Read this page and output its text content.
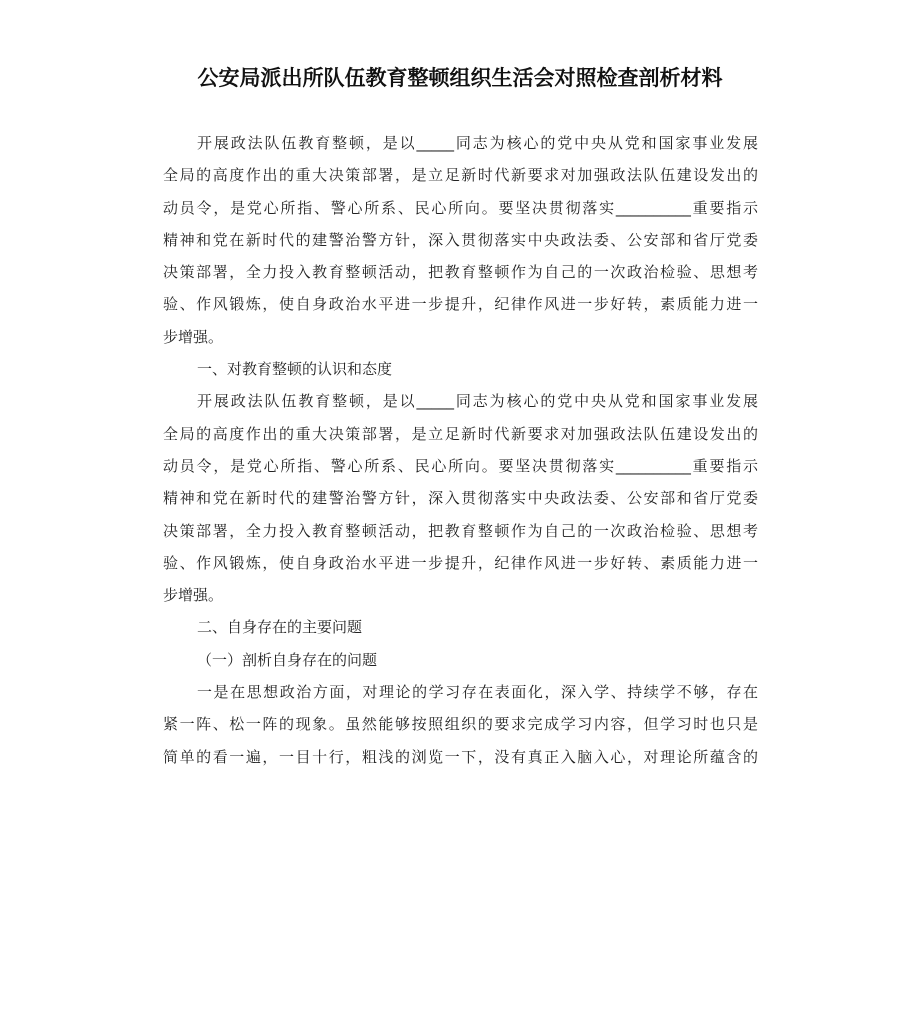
公安局派出所队伍教育整顿组织生活会对照检查剖析材料
开展政法队伍教育整顿，是以_____同志为核心的党中央从党和国家事业发展
全局的高度作出的重大决策部署，是立足新时代新要求对加强政法队伍建设发出的
动员令，是党心所指、警心所系、民心所向。要坚决贯彻落实__________重要指示
精神和党在新时代的建警治警方针，深入贯彻落实中央政法委、公安部和省厅党委
决策部署，全力投入教育整顿活动，把教育整顿作为自己的一次政治检验、思想考
验、作风锻炼，使自身政治水平进一步提升，纪律作风进一步好转，素质能力进一
步增强。
一、对教育整顿的认识和态度
开展政法队伍教育整顿，是以_____同志为核心的党中央从党和国家事业发展
全局的高度作出的重大决策部署，是立足新时代新要求对加强政法队伍建设发出的
动员令，是党心所指、警心所系、民心所向。要坚决贯彻落实__________重要指示
精神和党在新时代的建警治警方针，深入贯彻落实中央政法委、公安部和省厅党委
决策部署，全力投入教育整顿活动，把教育整顿作为自己的一次政治检验、思想考
验、作风锻炼，使自身政治水平进一步提升，纪律作风进一步好转、素质能力进一
步增强。
二、自身存在的主要问题
（一）剖析自身存在的问题
一是在思想政治方面，对理论的学习存在表面化，深入学、持续学不够，存在
紧一阵、松一阵的现象。虽然能够按照组织的要求完成学习内容，但学习时也只是
简单的看一遍，一目十行，粗浅的浏览一下，没有真正入脑入心，对理论所蕴含的
